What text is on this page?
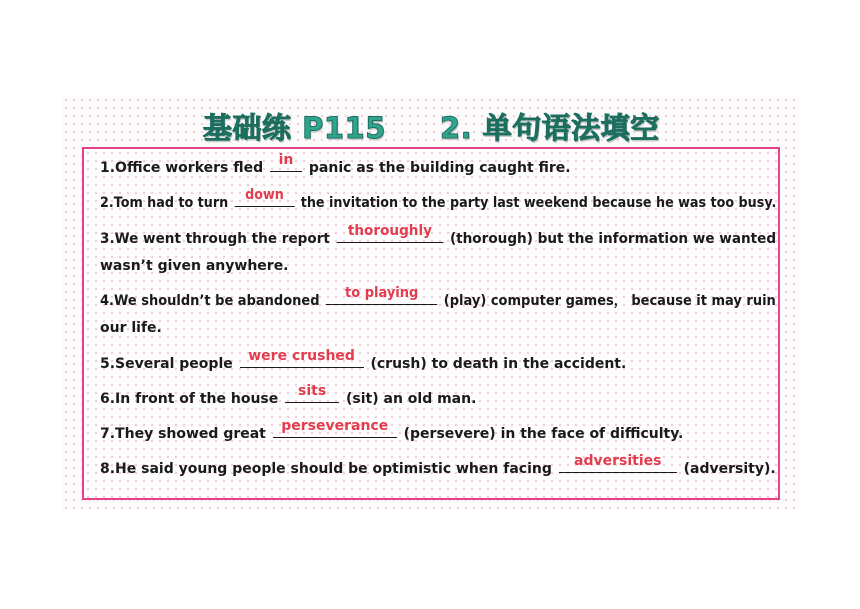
基础练 P115 2. 单句语法填空
1.Office workers fled in panic as the building caught fire.
2.Tom had to turn down the invitation to the party last weekend because he was too busy.
3.We went through the report thoroughly (thorough) but the information we wanted
wasn’t given anywhere.
4.We shouldn’t be abandoned	to playing	(play) computer games， because it may ruin
our life.
5.Several people were crushed (crush) to death in the accident.
6.In front of the house	sits	(sit) an old man.
7.They showed great perseverance (persevere) in the face of difficulty.
8.He said young people should be optimistic when facing	adversities	(adversity).
